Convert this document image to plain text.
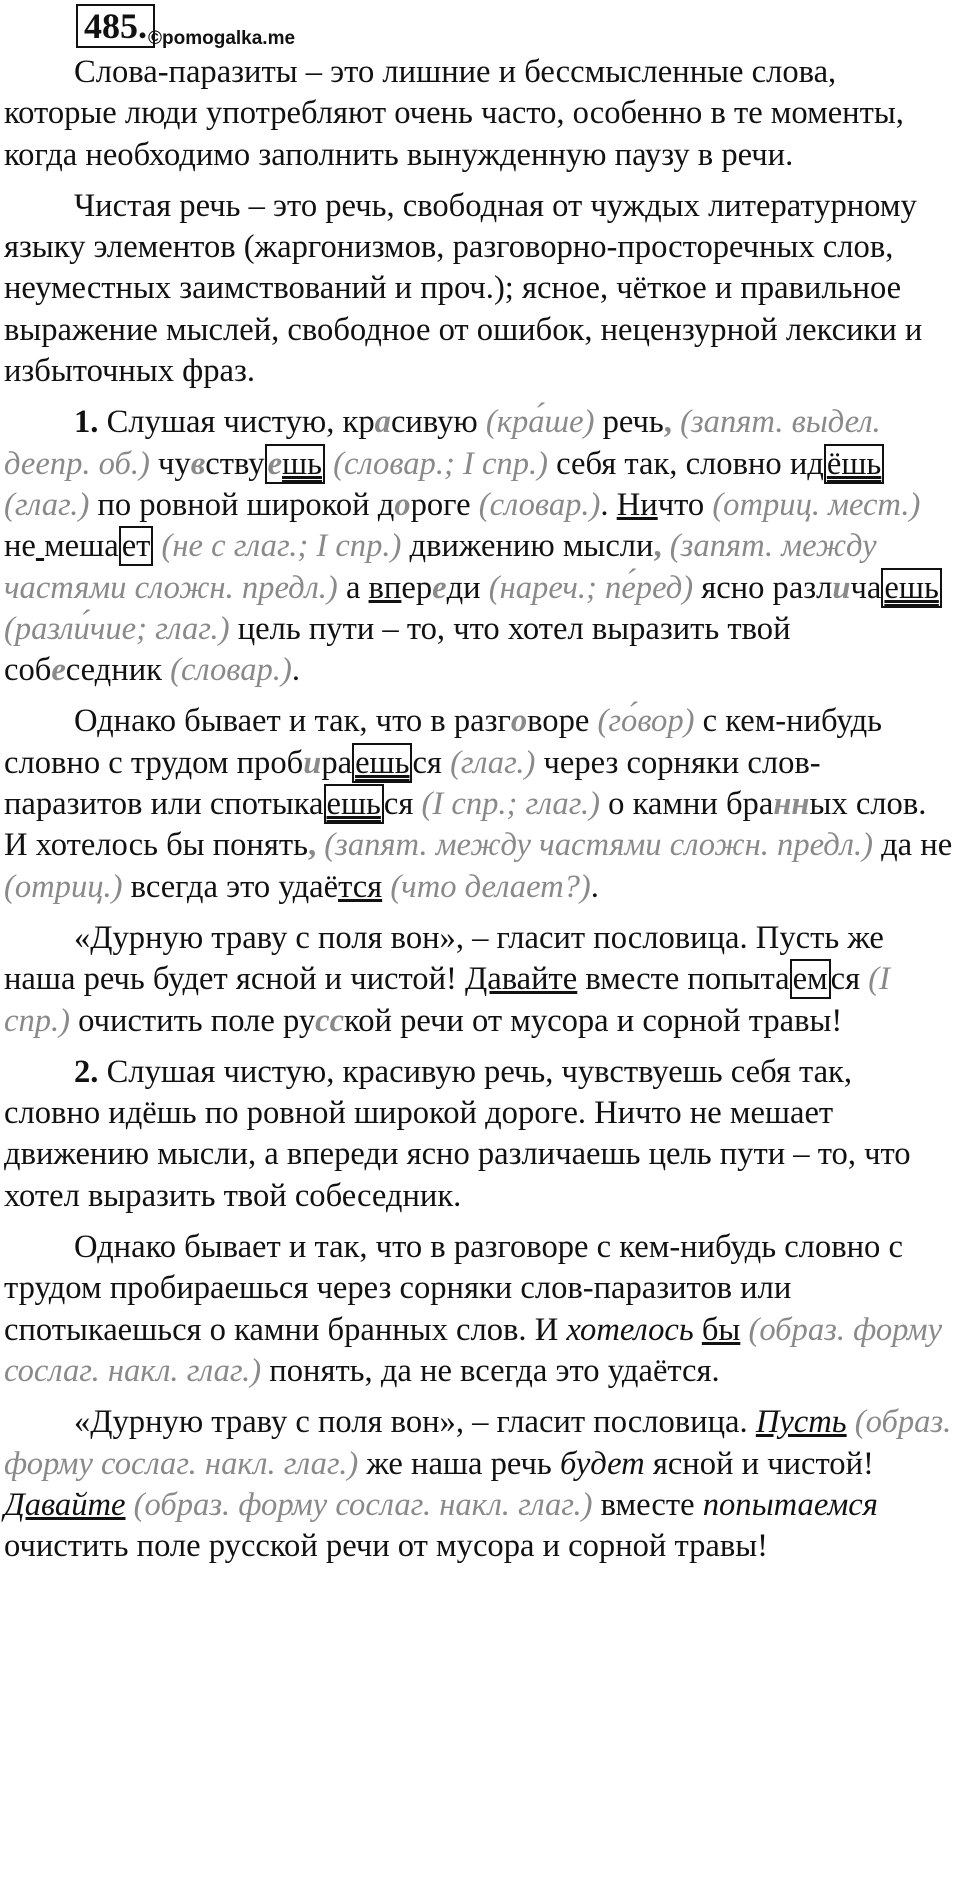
485. ©pomogalka.me

Слова-паразиты – это лишние и бессмысленные слова, которые люди употребляют очень часто, особенно в те моменты, когда необходимо заполнить вынужденную паузу в речи.

Чистая речь – это речь, свободная от чуждых литературному языку элементов (жаргонизмов, разговорно-просторечных слов, неуместных заимствований и проч.); ясное, чёткое и правильное выражение мыслей, свободное от ошибок, нецензурной лексики и избыточных фраз.

1. Слушая чистую, красивую (кра́ше) речь, (запят. выдел. деепр. об.) чувствуешь (словар.; I спр.) себя так, словно идёшь (глаг.) по ровной широкой дороге (словар.). Ничто (отриц. мест.) не мешает (не с глаг.; I спр.) движению мысли, (запят. между частями сложн. предл.) а впереди (нареч.; пе́ред) ясно различаешь (разли́чие; глаг.) цель пути – то, что хотел выразить твой собеседник (словар.).

Однако бывает и так, что в разговоре (го́вор) с кем-нибудь словно с трудом пробираешься (глаг.) через сорняки слов-паразитов или спотыкаешься (I спр.; глаг.) о камни бранных слов. И хотелось бы понять, (запят. между частями сложн. предл.) да не (отриц.) всегда это удаётся (что делает?).

«Дурную траву с поля вон», – гласит пословица. Пусть же наша речь будет ясной и чистой! Давайте вместе попытаемся (I спр.) очистить поле русской речи от мусора и сорной травы!

2. Слушая чистую, красивую речь, чувствуешь себя так, словно идёшь по ровной широкой дороге. Ничто не мешает движению мысли, а впереди ясно различаешь цель пути – то, что хотел выразить твой собеседник.

Однако бывает и так, что в разговоре с кем-нибудь словно с трудом пробираешься через сорняки слов-паразитов или спотыкаешься о камни бранных слов. И хотелось бы (образ. форму сослаг. накл. глаг.) понять, да не всегда это удаётся.

«Дурную траву с поля вон», – гласит пословица. Пусть (образ. форму сослаг. накл. глаг.) же наша речь будет ясной и чистой! Давайте (образ. форму сослаг. накл. глаг.) вместе попытаемся очистить поле русской речи от мусора и сорной травы!
